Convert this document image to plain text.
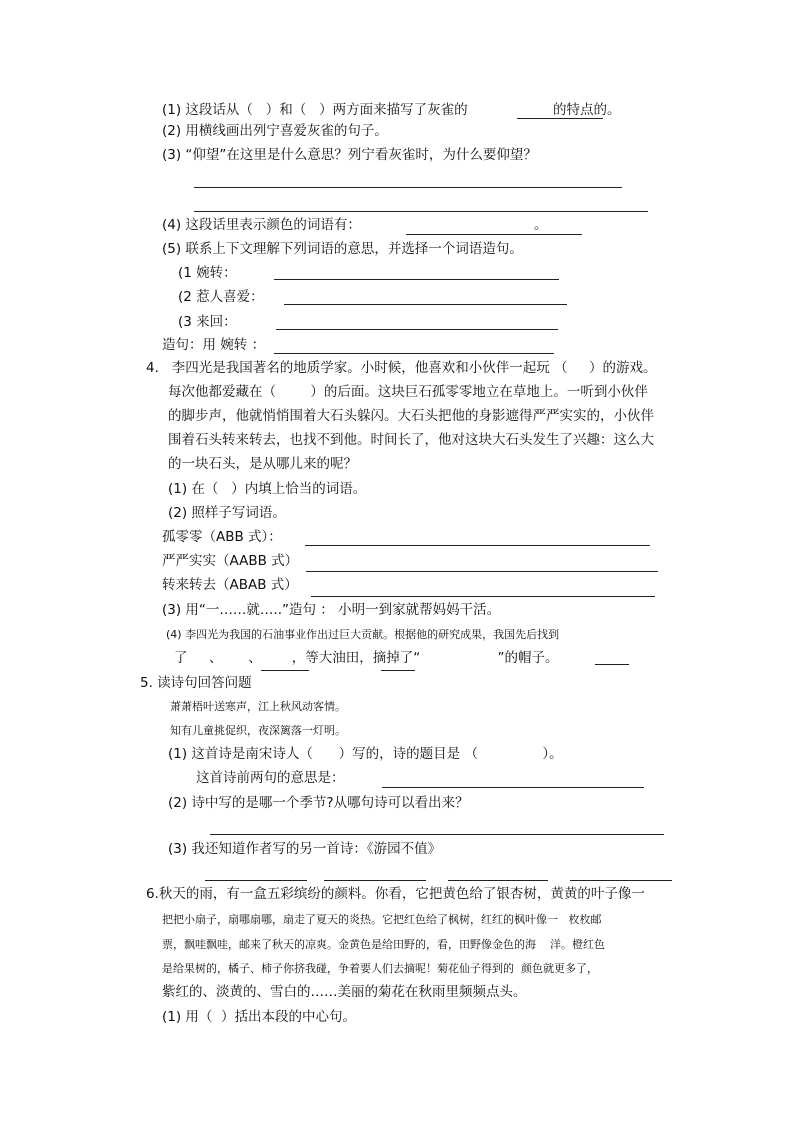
(1) 这段话从（   ）和（   ）两方面来描写了灰雀的	的特点的。
(2) 用横线画出列宁喜爱灰雀的句子。
(3) “仰望”在这里是什么意思？列宁看灰雀时，为什么要仰望？
(4) 这段话里表示颜色的词语有：	。
(5) 联系上下文理解下列词语的意思，并选择一个词语造句。
(1 婉转：
(2 惹人喜爱：
(3 来回：
造句：用 婉转 ：
4.   李四光是我国著名的地质学家。小时候，他喜欢和小伙伴一起玩 （     ）的游戏。
每次他都爱藏在（        ）的后面。这块巨石孤零零地立在草地上。一听到小伙伴
的脚步声，他就悄悄围着大石头躲闪。大石头把他的身影遮得严严实实的，小伙伴
围着石头转来转去，也找不到他。时间长了，他对这块大石头发生了兴趣：这么大
的一块石头，是从哪儿来的呢？
(1) 在（   ）内填上恰当的词语。
(2) 照样子写词语。
孤零零（ABB 式）：
严严实实（AABB 式）
转来转去（ABAB 式）
(3) 用“一……就…..”造句 ： 小明一到家就帮妈妈干活。
(4) 李四光为我国的石油事业作出过巨大贡献。根据他的研究成果，我国先后找到
了     、      、       ，等大油田，摘掉了“                  ”的帽子。
5. 读诗句回答问题
萧萧梧叶送寒声，江上秋风动客情。
知有儿童挑促织，夜深篱落一灯明。
(1) 这首诗是南宋诗人（      ）写的，诗的题目是 （               ）。
这首诗前两句的意思是：
(2) 诗中写的是哪一个季节?从哪句诗可以看出来？
(3) 我还知道作者写的另一首诗：《游园不值》
6.秋天的雨，有一盒五彩缤纷的颜料。你看，它把黄色给了银杏树，黄黄的叶子像一
把把小扇子，扇哪扇哪，扇走了夏天的炎热。它把红色给了枫树，红红的枫叶像一   枚枚邮
票，飘哇飘哇，邮来了秋天的凉爽。金黄色是给田野的，看，田野像金色的海    洋。橙红色
是给果树的，橘子、柿子你挤我碰，争着要人们去摘呢！菊花仙子得到的  颜色就更多了，
紫红的、淡黄的、雪白的……美丽的菊花在秋雨里频频点头。
(1) 用（  ）括出本段的中心句。
